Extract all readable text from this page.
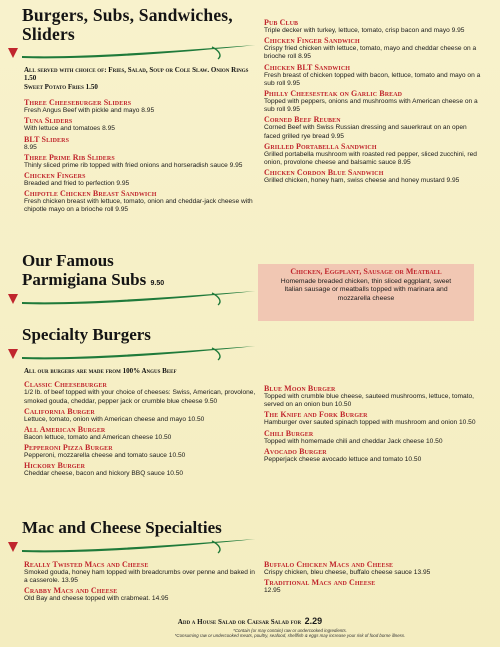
Burgers, Subs, Sandwiches, Sliders
All served with choice of: Fries, Salad, Soup or Cole Slaw. Onion Rings 1.50
Sweet Potato Fries 1.50
Three Cheeseburger Sliders
Fresh Angus Beef with pickle and mayo 8.95
Tuna Sliders
With lettuce and tomatoes 8.95
BLT Sliders
8.95
Three Prime Rib Sliders
Thinly sliced prime rib topped with fried onions and horseradish sauce 9.95
Chicken Fingers
Breaded and fried to perfection 9.95
Chipotle Chicken Breast Sandwich
Fresh chicken breast with lettuce, tomato, onion and cheddar-jack cheese with chipotle mayo on a brioche roll 9.95
Pub Club
Triple decker with turkey, lettuce, tomato, crisp bacon and mayo 9.95
Chicken Finger Sandwich
Crispy fried chicken with lettuce, tomato, mayo and cheddar cheese on a brioche roll 8.95
Chicken BLT Sandwich
Fresh breast of chicken topped with bacon, lettuce, tomato and mayo on a sub roll 9.95
Philly Cheesesteak on Garlic Bread
Topped with peppers, onions and mushrooms with American cheese on a sub roll 9.95
Corned Beef Reuben
Corned Beef with Swiss Russian dressing and sauerkraut on an open faced grilled rye bread 9.95
Grilled Portabella Sandwich
Grilled portabella mushroom with roasted red pepper, sliced zucchini, red onion, provolone cheese and balsamic sauce 8.95
Chicken Cordon Blue Sandwich
Grilled chicken, honey ham, swiss cheese and honey mustard 9.95
Our Famous
Parmigiana Subs 9.50
Chicken, Eggplant, Sausage or Meatball
Homemade breaded chicken, thin sliced eggplant, sweet Italian sausage or meatballs topped with marinara and mozzarella cheese
Specialty Burgers
All our burgers are made from 100% Angus Beef
Classic Cheeseburger
1/2 lb. of beef topped with your choice of cheeses: Swiss, American, provolone, smoked gouda, cheddar, pepper jack or crumble blue cheese 9.50
California Burger
Lettuce, tomato, onion with American cheese and mayo 10.50
All American Burger
Bacon lettuce, tomato and American cheese 10.50
Pepperoni Pizza Burger
Pepperoni, mozzarella cheese and tomato sauce 10.50
Hickory Burger
Cheddar cheese, bacon and hickory BBQ sauce 10.50
Blue Moon Burger
Topped with crumble blue cheese, sauteed mushrooms, lettuce, tomato, served on an onion bun 10.50
The Knife and Fork Burger
Hamburger over sauted spinach topped with mushroom and onion 10.50
Chili Burger
Topped with homemade chili and cheddar Jack cheese 10.50
Avocado Burger
Pepperjack cheese avocado lettuce and tomato 10.50
Mac and Cheese Specialties
Really Twisted Macs and Cheese
Smoked gouda, honey ham topped with breadcrumbs over penne and baked in a casserole. 13.95
Crabby Macs and Cheese
Old Bay and cheese topped with crabmeat. 14.95
Buffalo Chicken Macs and Cheese
Crispy chicken, bleu cheese, buffalo cheese sauce 13.95
Traditional Macs and Cheese
12.95
Add a House Salad or Caesar Salad for 2.29
*Contain (or may contain) raw or undercooked ingredients.
*Consuming raw or undercooked meats, poultry, seafood, shellfish & eggs may increase your risk of food borne illness.
